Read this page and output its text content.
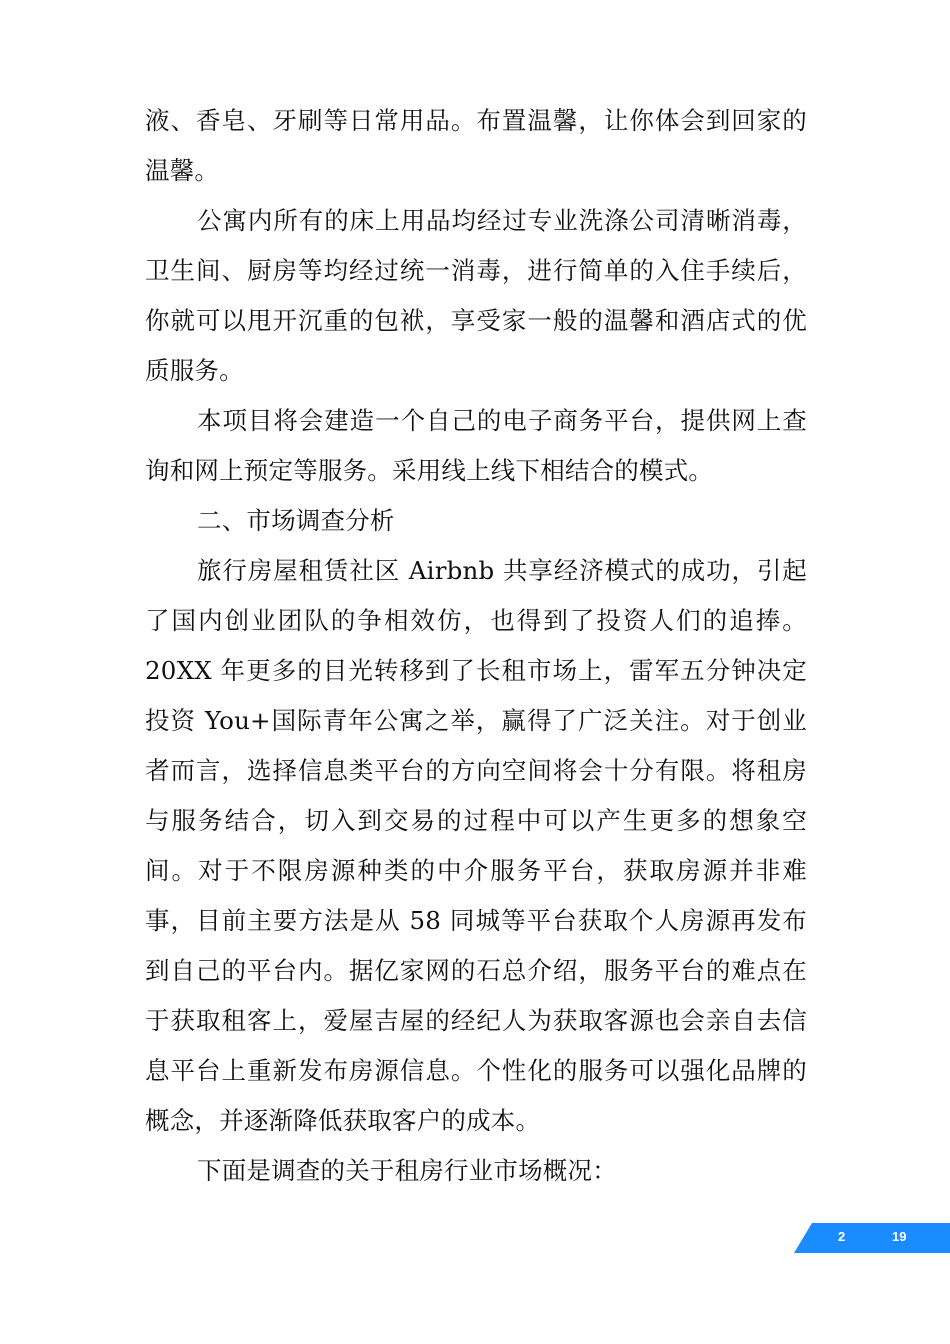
液、香皂、牙刷等日常用品。布置温馨，让你体会到回家的温馨。

公寓内所有的床上用品均经过专业洗涤公司清晰消毒，卫生间、厨房等均经过统一消毒，进行简单的入住手续后，你就可以甩开沉重的包袱，享受家一般的温馨和酒店式的优质服务。

本项目将会建造一个自己的电子商务平台，提供网上查询和网上预定等服务。采用线上线下相结合的模式。

二、市场调查分析

旅行房屋租赁社区 Airbnb 共享经济模式的成功，引起了国内创业团队的争相效仿，也得到了投资人们的追捧。20XX 年更多的目光转移到了长租市场上，雷军五分钟决定投资 You+国际青年公寓之举，赢得了广泛关注。对于创业者而言，选择信息类平台的方向空间将会十分有限。将租房与服务结合，切入到交易的过程中可以产生更多的想象空间。对于不限房源种类的中介服务平台，获取房源并非难事，目前主要方法是从 58 同城等平台获取个人房源再发布到自己的平台内。据亿家网的石总介绍，服务平台的难点在于获取租客上，爱屋吉屋的经纪人为获取客源也会亲自去信息平台上重新发布房源信息。个性化的服务可以强化品牌的概念，并逐渐降低获取客户的成本。

下面是调查的关于租房行业市场概况：

2	19
